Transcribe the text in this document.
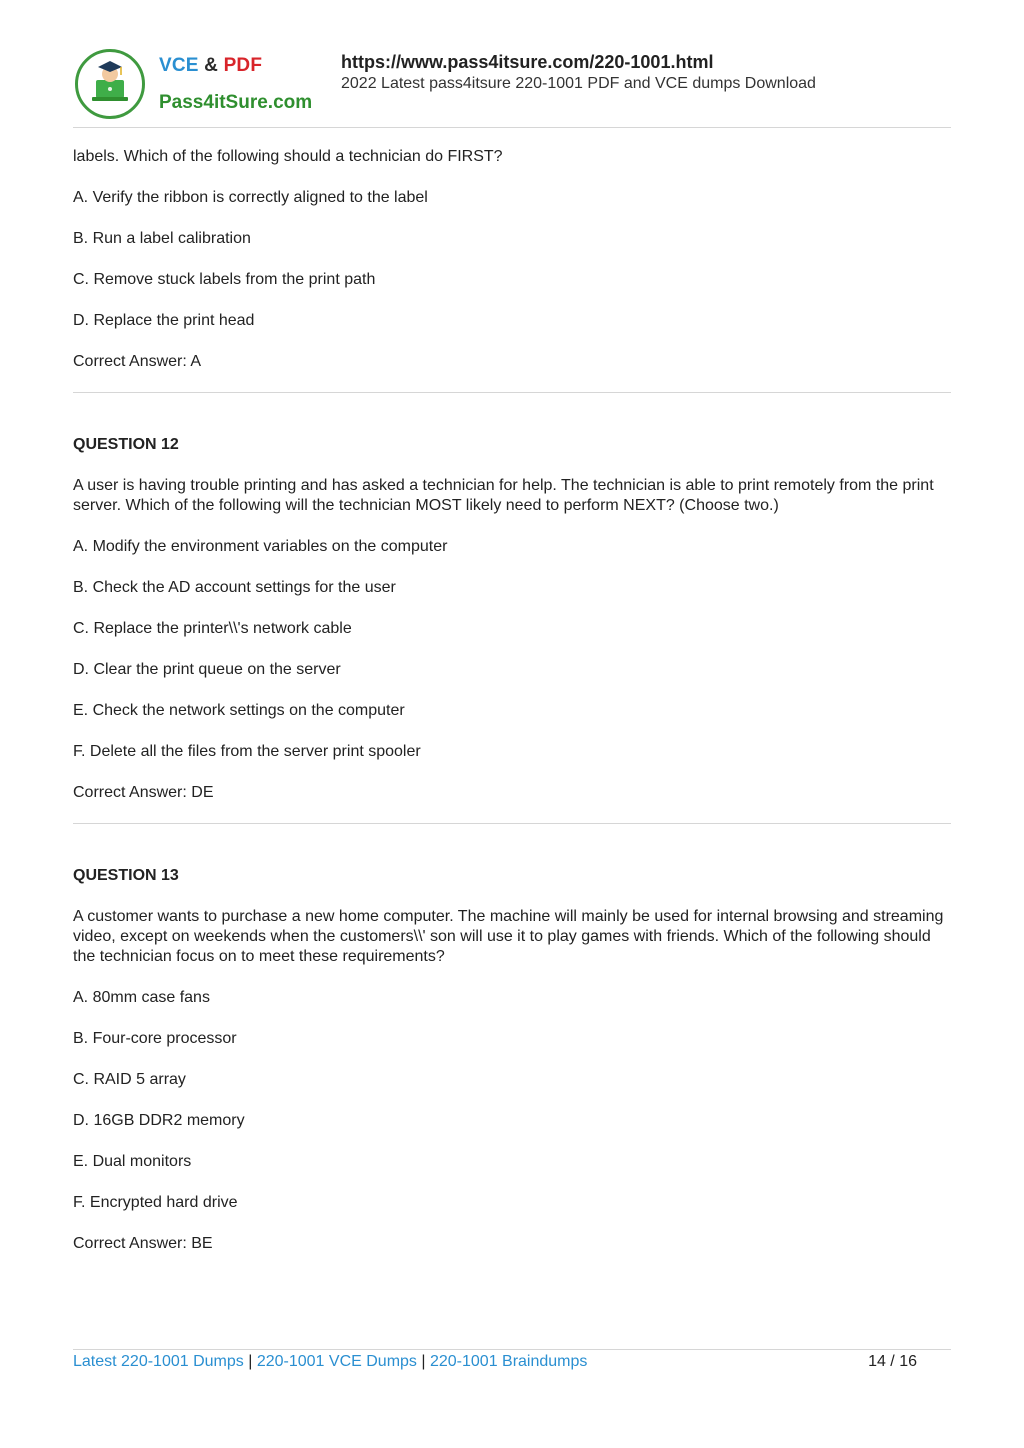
VCE & PDF
Pass4itSure.com
https://www.pass4itsure.com/220-1001.html
2022 Latest pass4itsure 220-1001 PDF and VCE dumps Download

labels. Which of the following should a technician do FIRST?

A. Verify the ribbon is correctly aligned to the label

B. Run a label calibration

C. Remove stuck labels from the print path

D. Replace the print head

Correct Answer: A

QUESTION 12

A user is having trouble printing and has asked a technician for help. The technician is able to print remotely from the print server. Which of the following will the technician MOST likely need to perform NEXT? (Choose two.)

A. Modify the environment variables on the computer

B. Check the AD account settings for the user

C. Replace the printer\\'s network cable

D. Clear the print queue on the server

E. Check the network settings on the computer

F. Delete all the files from the server print spooler

Correct Answer: DE

QUESTION 13

A customer wants to purchase a new home computer. The machine will mainly be used for internal browsing and streaming video, except on weekends when the customers\\' son will use it to play games with friends. Which of the following should the technician focus on to meet these requirements?

A. 80mm case fans

B. Four-core processor

C. RAID 5 array

D. 16GB DDR2 memory

E. Dual monitors

F. Encrypted hard drive

Correct Answer: BE

Latest 220-1001 Dumps | 220-1001 VCE Dumps | 220-1001 Braindumps	14 / 16
